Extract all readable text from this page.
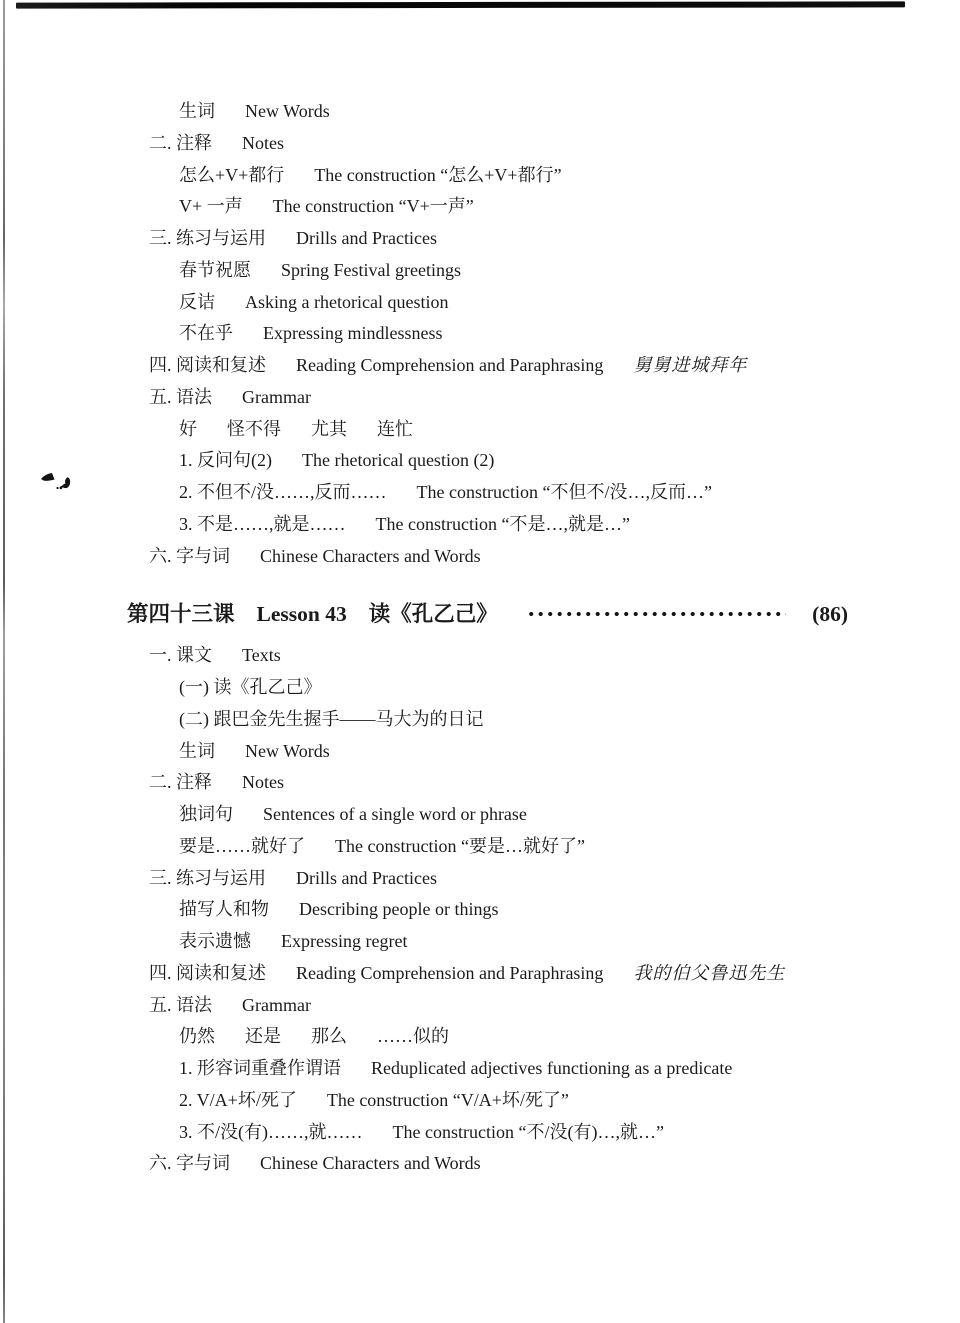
生词 New Words
二. 注释 Notes
怎么+V+都行 The construction “怎么+V+都行”
V+ 一声 The construction “V+一声”
三. 练习与运用 Drills and Practices
春节祝愿 Spring Festival greetings
反诘 Asking a rhetorical question
不在乎 Expressing mindlessness
四. 阅读和复述 Reading Comprehension and Paraphrasing 舅舅进城拜年
五. 语法 Grammar
好 怪不得 尤其 连忙
1. 反问句(2) The rhetorical question (2)
2. 不但不/没……,反而…… The construction “不但不/没…,反而…”
3. 不是……,就是…… The construction “不是…,就是…”
六. 字与词 Chinese Characters and Words
第四十三课 Lesson 43 读《孔乙己》	(86)
一. 课文 Texts
(一) 读《孔乙己》
(二) 跟巴金先生握手——马大为的日记
生词 New Words
二. 注释 Notes
独词句 Sentences of a single word or phrase
要是……就好了 The construction “要是…就好了”
三. 练习与运用 Drills and Practices
描写人和物 Describing people or things
表示遗憾 Expressing regret
四. 阅读和复述 Reading Comprehension and Paraphrasing 我的伯父鲁迅先生
五. 语法 Grammar
仍然 还是 那么 ……似的
1. 形容词重叠作谓语 Reduplicated adjectives functioning as a predicate
2. V/A+坏/死了 The construction “V/A+坏/死了”
3. 不/没(有)……,就…… The construction “不/没(有)…,就…”
六. 字与词 Chinese Characters and Words
